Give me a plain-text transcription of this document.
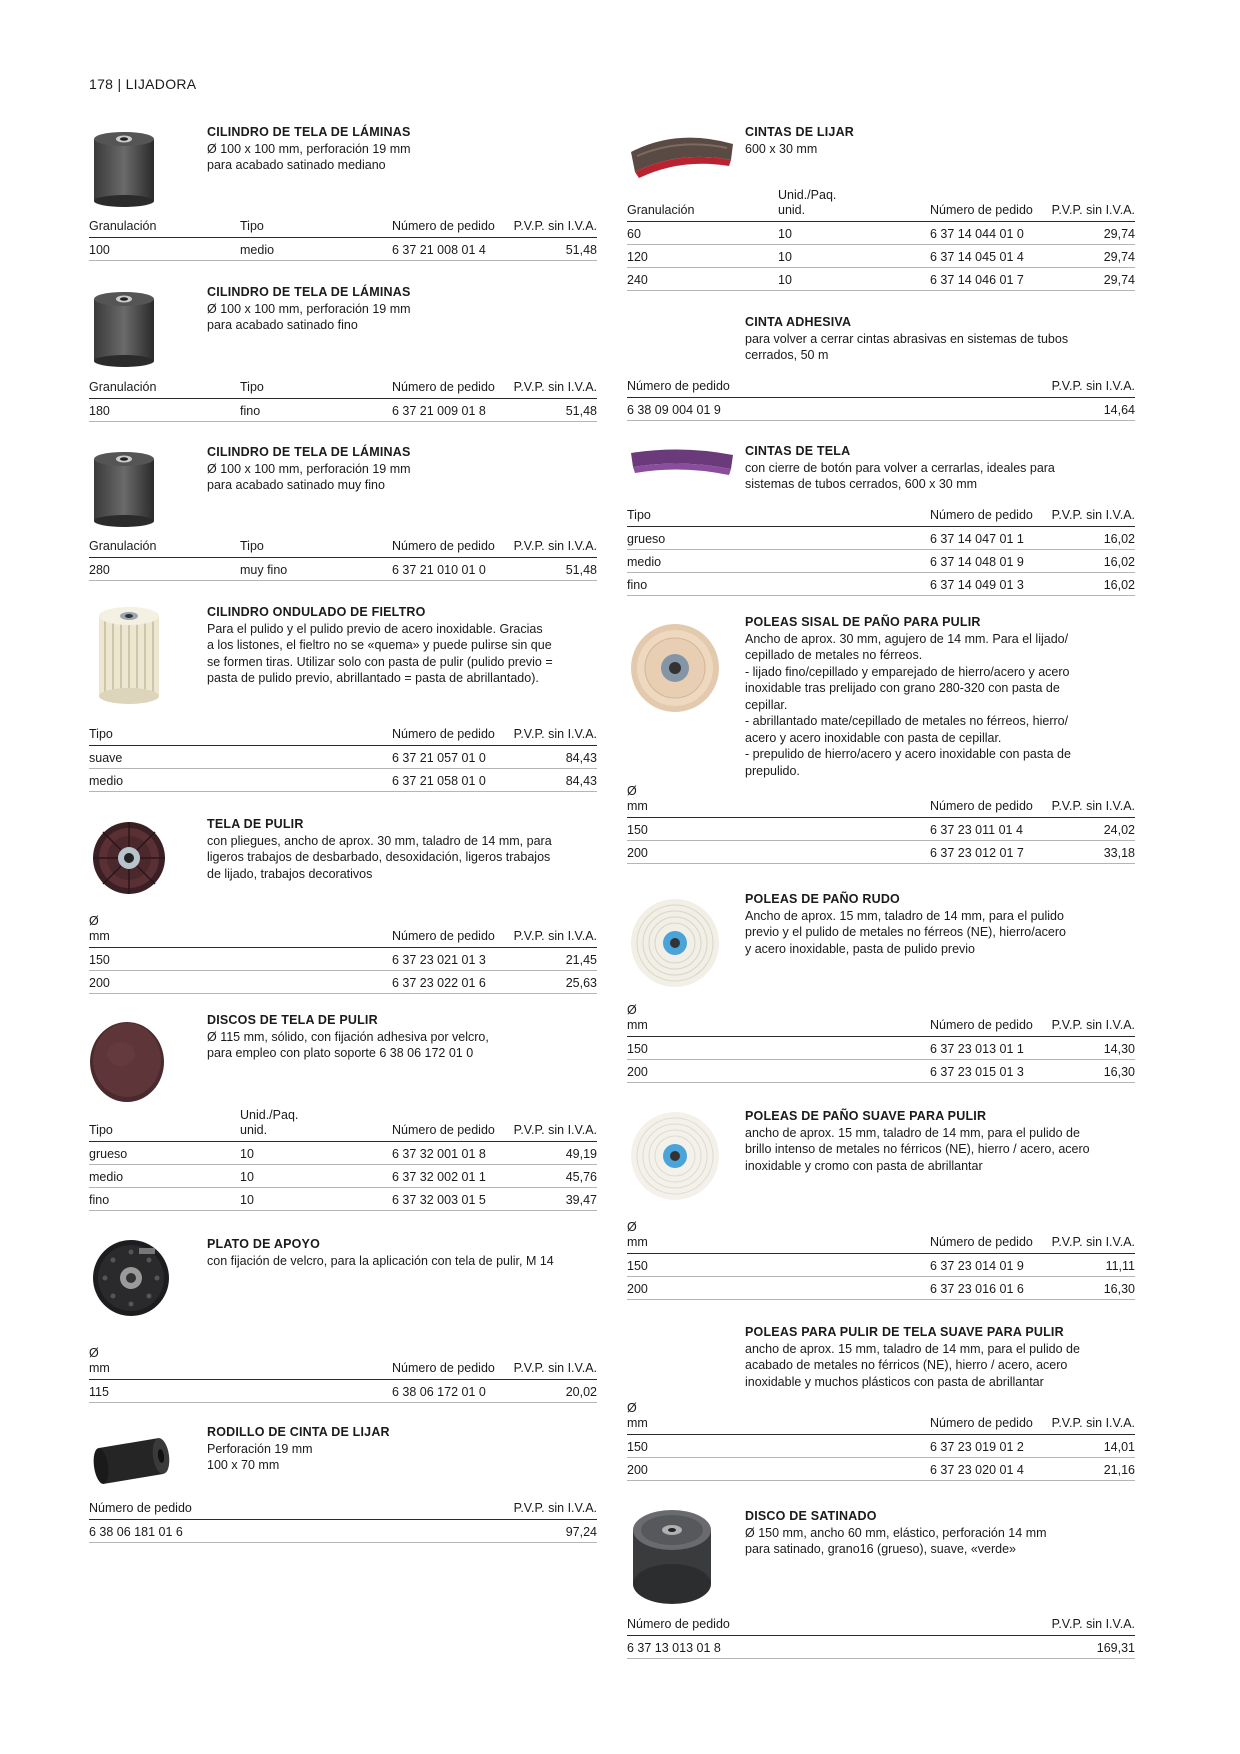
178 | LIJADORA
CILINDRO DE TELA DE LÁMINAS
Ø 100 x 100 mm, perforación 19 mm
para acabado satinado mediano
Granulación	Tipo	Número de pedido	P.V.P. sin I.V.A.
100	medio	6 37 21 008 01 4	51,48
CILINDRO DE TELA DE LÁMINAS
Ø 100 x 100 mm, perforación 19 mm
para acabado satinado fino
Granulación	Tipo	Número de pedido	P.V.P. sin I.V.A.
180	fino	6 37 21 009 01 8	51,48
CILINDRO DE TELA DE LÁMINAS
Ø 100 x 100 mm, perforación 19 mm
para acabado satinado muy fino
Granulación	Tipo	Número de pedido	P.V.P. sin I.V.A.
280	muy fino	6 37 21 010 01 0	51,48
CILINDRO ONDULADO DE FIELTRO
Para el pulido y el pulido previo de acero inoxidable. Gracias
a los listones, el fieltro no se «quema» y puede pulirse sin que
se formen tiras. Utilizar solo con pasta de pulir (pulido previo =
pasta de pulido previo, abrillantado = pasta de abrillantado).
Tipo	Número de pedido	P.V.P. sin I.V.A.
suave	6 37 21 057 01 0	84,43
medio	6 37 21 058 01 0	84,43
TELA DE PULIR
con pliegues, ancho de aprox. 30 mm, taladro de 14 mm, para
ligeros trabajos de desbarbado, desoxidación, ligeros trabajos
de lijado, trabajos decorativos
Ø
mm	Número de pedido	P.V.P. sin I.V.A.
150	6 37 23 021 01 3	21,45
200	6 37 23 022 01 6	25,63
DISCOS DE TELA DE PULIR
Ø 115 mm, sólido, con fijación adhesiva por velcro,
para empleo con plato soporte 6 38 06 172 01 0
Tipo	Unid./Paq.
unid.	Número de pedido	P.V.P. sin I.V.A.
grueso	10	6 37 32 001 01 8	49,19
medio	10	6 37 32 002 01 1	45,76
fino	10	6 37 32 003 01 5	39,47
PLATO DE APOYO
con fijación de velcro, para la aplicación con tela de pulir, M 14
Ø
mm	Número de pedido	P.V.P. sin I.V.A.
115	6 38 06 172 01 0	20,02
RODILLO DE CINTA DE LIJAR
Perforación 19 mm
100 x 70 mm
Número de pedido	P.V.P. sin I.V.A.
6 38 06 181 01 6	97,24
CINTAS DE LIJAR
600 x 30 mm
Granulación	Unid./Paq.
unid.	Número de pedido	P.V.P. sin I.V.A.
60	10	6 37 14 044 01 0	29,74
120	10	6 37 14 045 01 4	29,74
240	10	6 37 14 046 01 7	29,74
CINTA ADHESIVA
para volver a cerrar cintas abrasivas en sistemas de tubos
cerrados, 50 m
Número de pedido	P.V.P. sin I.V.A.
6 38 09 004 01 9	14,64
CINTAS DE TELA
con cierre de botón para volver a cerrarlas, ideales para
sistemas de tubos cerrados, 600 x 30 mm
Tipo	Número de pedido	P.V.P. sin I.V.A.
grueso	6 37 14 047 01 1	16,02
medio	6 37 14 048 01 9	16,02
fino	6 37 14 049 01 3	16,02
POLEAS SISAL DE PAÑO PARA PULIR
Ancho de aprox. 30 mm, agujero de 14 mm. Para el lijado/
cepillado de metales no férreos.
- lijado fino/cepillado y emparejado de hierro/acero y acero
inoxidable tras prelijado con grano 280-320 con pasta de
cepillar.
- abrillantado mate/cepillado de metales no férreos, hierro/
acero y acero inoxidable con pasta de cepillar.
- prepulido de hierro/acero y acero inoxidable con pasta de
prepulido.
Ø
mm	Número de pedido	P.V.P. sin I.V.A.
150	6 37 23 011 01 4	24,02
200	6 37 23 012 01 7	33,18
POLEAS DE PAÑO RUDO
Ancho de aprox. 15 mm, taladro de 14 mm, para el pulido
previo y el pulido de metales no férreos (NE), hierro/acero
y acero inoxidable, pasta de pulido previo
Ø
mm	Número de pedido	P.V.P. sin I.V.A.
150	6 37 23 013 01 1	14,30
200	6 37 23 015 01 3	16,30
POLEAS DE PAÑO SUAVE PARA PULIR
ancho de aprox. 15 mm, taladro de 14 mm, para el pulido de
brillo intenso de metales no férricos (NE), hierro / acero, acero
inoxidable y cromo con pasta de abrillantar
Ø
mm	Número de pedido	P.V.P. sin I.V.A.
150	6 37 23 014 01 9	11,11
200	6 37 23 016 01 6	16,30
POLEAS PARA PULIR DE TELA SUAVE PARA PULIR
ancho de aprox. 15 mm, taladro de 14 mm, para el pulido de
acabado de metales no férricos (NE), hierro / acero, acero
inoxidable y muchos plásticos con pasta de abrillantar
Ø
mm	Número de pedido	P.V.P. sin I.V.A.
150	6 37 23 019 01 2	14,01
200	6 37 23 020 01 4	21,16
DISCO DE SATINADO
Ø 150 mm, ancho 60 mm, elástico, perforación 14 mm
para satinado, grano16 (grueso), suave, «verde»
Número de pedido	P.V.P. sin I.V.A.
6 37 13 013 01 8	169,31
